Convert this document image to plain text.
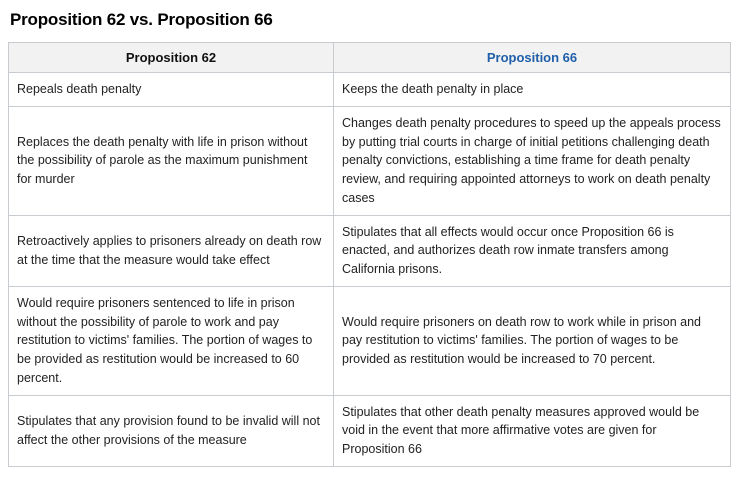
Proposition 62 vs. Proposition 66
Proposition 62	Proposition 66
Repeals death penalty	Keeps the death penalty in place
Replaces the death penalty with life in prison without the possibility of parole as the maximum punishment for murder	Changes death penalty procedures to speed up the appeals process by putting trial courts in charge of initial petitions challenging death penalty convictions, establishing a time frame for death penalty review, and requiring appointed attorneys to work on death penalty cases
Retroactively applies to prisoners already on death row at the time that the measure would take effect	Stipulates that all effects would occur once Proposition 66 is enacted, and authorizes death row inmate transfers among California prisons.
Would require prisoners sentenced to life in prison without the possibility of parole to work and pay restitution to victims' families. The portion of wages to be provided as restitution would be increased to 60 percent.	Would require prisoners on death row to work while in prison and pay restitution to victims' families. The portion of wages to be provided as restitution would be increased to 70 percent.
Stipulates that any provision found to be invalid will not affect the other provisions of the measure	Stipulates that other death penalty measures approved would be void in the event that more affirmative votes are given for Proposition 66
